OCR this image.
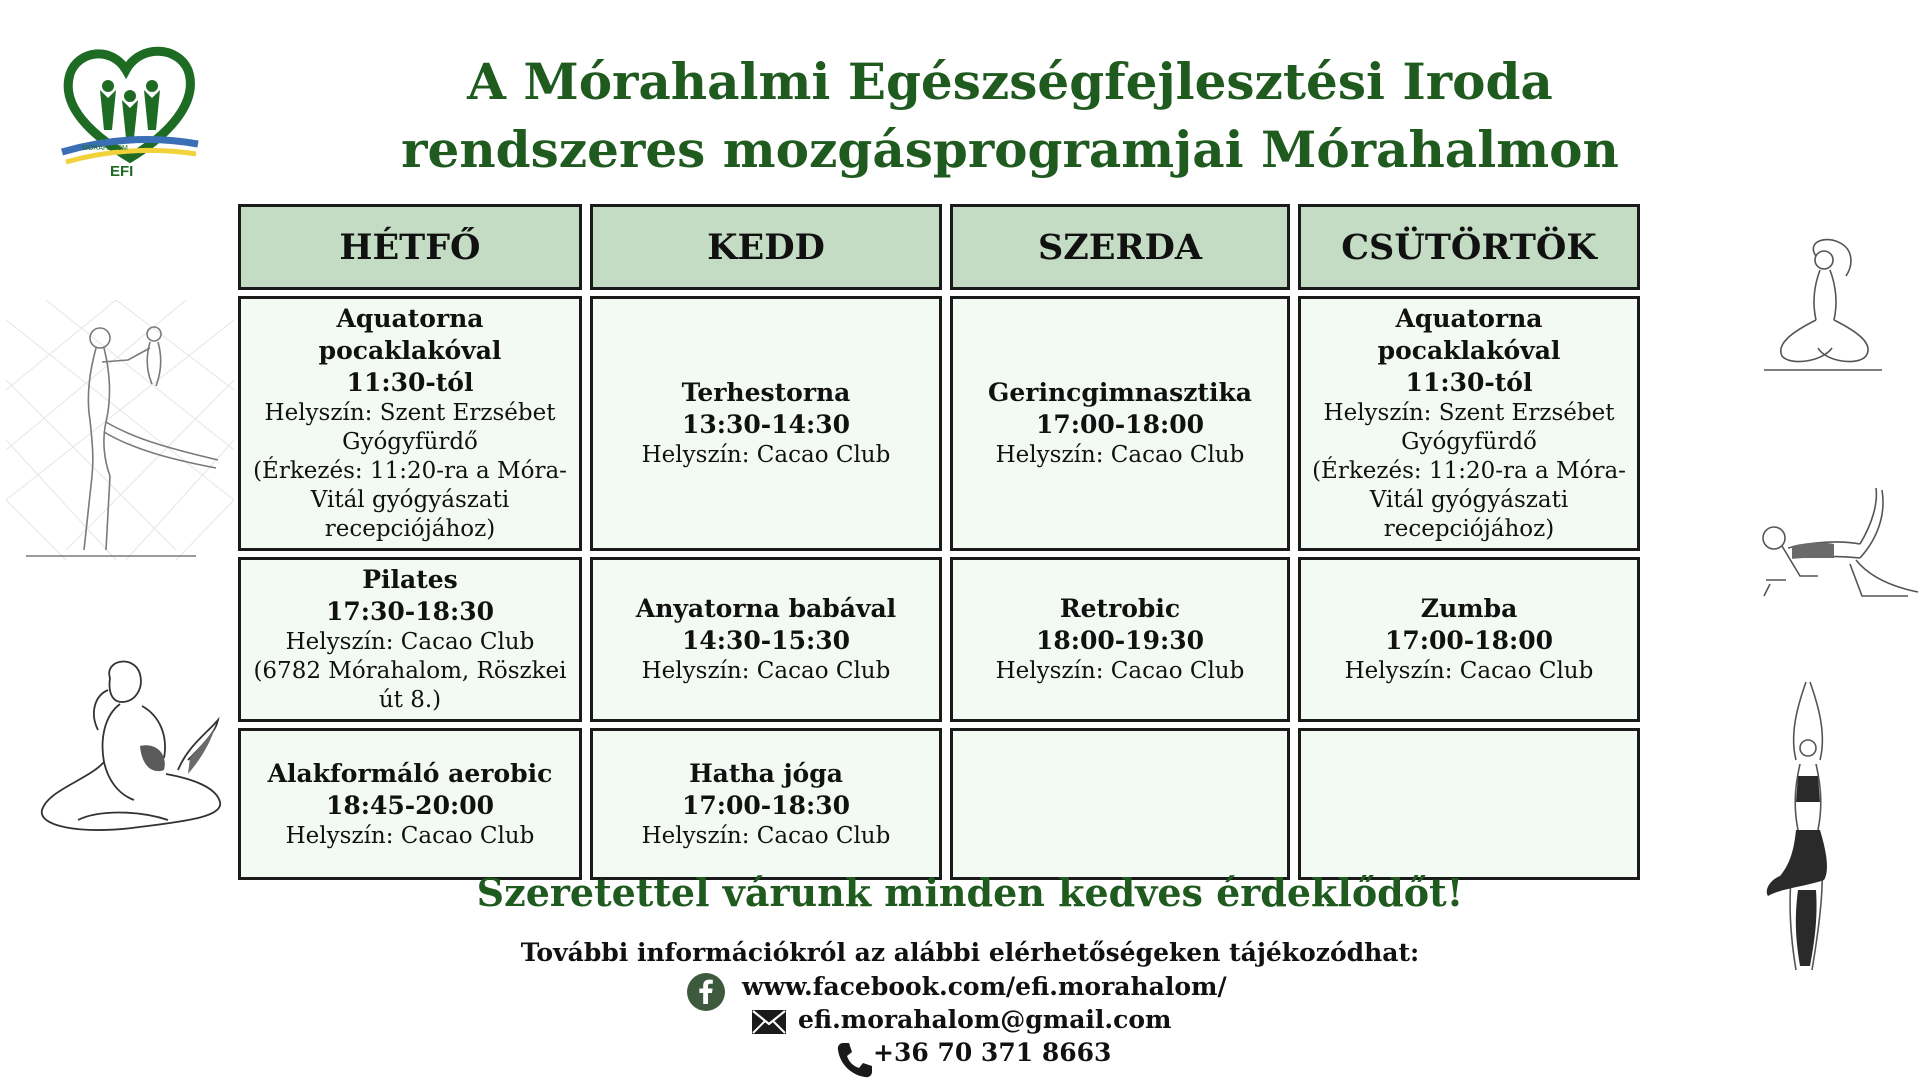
MÓRAHALOM
EFI
A Mórahalmi Egészségfejlesztési Iroda
rendszeres mozgásprogramjai Mórahalmon
HÉTFŐ	KEDD	SZERDA	CSÜTÖRTÖK

Aquatorna pocaklakóval
11:30-tól
Helyszín: Szent Erzsébet Gyógyfürdő
(Érkezés: 11:20-ra a Móra-Vitál gyógyászati recepciójához)	Terhestorna
13:30-14:30
Helyszín: Cacao Club	Gerincgimnasztika
17:00-18:00
Helyszín: Cacao Club	Aquatorna pocaklakóval
11:30-tól
Helyszín: Szent Erzsébet Gyógyfürdő
(Érkezés: 11:20-ra a Móra-Vitál gyógyászati recepciójához)

Pilates
17:30-18:30
Helyszín: Cacao Club
(6782 Mórahalom, Röszkei út 8.)	Anyatorna babával
14:30-15:30
Helyszín: Cacao Club	Retrobic
18:00-19:30
Helyszín: Cacao Club	Zumba
17:00-18:00
Helyszín: Cacao Club

Alakformáló aerobic
18:45-20:00
Helyszín: Cacao Club	Hatha jóga
17:00-18:30
Helyszín: Cacao Club		

Szeretettel várunk minden kedves érdeklődőt!
További információkról az alábbi elérhetőségeken tájékozódhat:
www.facebook.com/efi.morahalom/
efi.morahalom@gmail.com
+36 70 371 8663
